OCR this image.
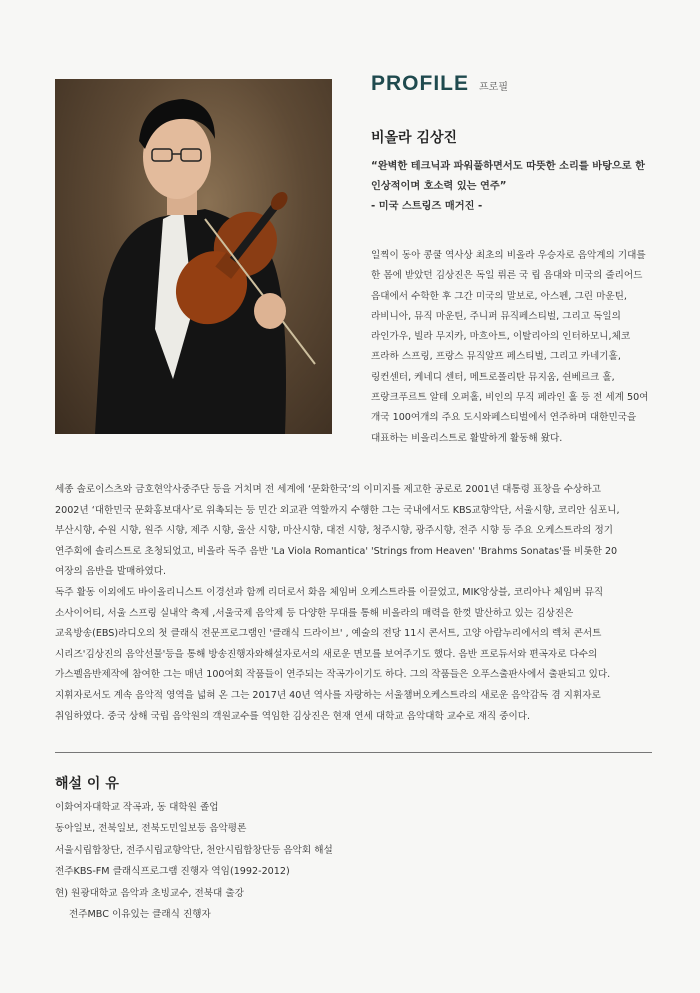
PROFILE 프로필
비올라 김상진
“완벽한 테크닉과 파워풀하면서도 따뜻한 소리를 바탕으로 한
인상적이며 호소력 있는 연주”
- 미국 스트링즈 매거진 -
일찍이 동아 콩쿨 역사상 최초의 비올라 우승자로 음악계의 기대를
한 몸에 받았던 김상진은 독일 뤼른 국 립 음대와 미국의 줄리어드
음대에서 수학한 후 그간 미국의 말보로, 아스펜, 그린 마운틴,
라비니아, 뮤직 마운틴, 주니퍼 뮤직페스티벌, 그리고 독일의
라인가우, 빌라 무지카, 마흐아트, 이탈리아의 인터하모니,체코
프라하 스프링, 프랑스 뮤직알프 페스티벌, 그리고 카네기홀,
링컨센터, 케네디 센터, 메트로폴리탄 뮤지움, 쉰베르크 홀,
프랑크푸르트 알테 오퍼홀, 비인의 무직 페라인 홀 등 전 세계 50여
개국 100여개의 주요 도시와페스티벌에서 연주하며 대한민국을
대표하는 비올리스트로 활발하게 활동해 왔다.
세종 솔로이스츠와 금호현악사중주단 등을 거치며 전 세계에 ‘문화한국’의 이미지를 제고한 공로로 2001년 대통령 표창을 수상하고
2002년 ‘대한민국 문화홍보대사’로 위촉되는 등 민간 외교관 역할까지 수행한 그는 국내에서도 KBS교향악단, 서울시향, 코리안 심포니,
부산시향, 수원 시향, 원주 시향, 제주 시향, 울산 시향, 마산시향, 대전 시향, 청주시향, 광주시향, 전주 시향 등 주요 오케스트라의 정기
연주회에 솔리스트로 초청되었고, 비올라 독주 음반 'La Viola Romantica' 'Strings from Heaven' 'Brahms Sonatas'를 비롯한 20
여장의 음반을 발매하였다.
독주 활동 이외에도 바이올리니스트 이경선과 함께 리더로서 화음 체임버 오케스트라를 이끌었고, MIK앙상블, 코리아나 체임버 뮤직
소사이어티, 서울 스프링 실내악 축제 ,서울국제 음악제 등 다양한 무대를 통해 비올라의 매력을 한껏 발산하고 있는 김상진은
교육방송(EBS)라디오의 첫 클래식 전문프로그램인 '클래식 드라이브' , 예술의 전당 11시 콘서트, 고양 아람누리에서의 렉처 콘서트
시리즈'김상진의 음악선물'등을 통해 방송진행자와해설자로서의 새로운 면모를 보여주기도 했다. 음반 프로듀서와 편곡자로 다수의
가스펠음반제작에 참여한 그는 매년 100여회 작품들이 연주되는 작곡가이기도 하다. 그의 작품들은 오푸스출판사에서 출판되고 있다.
지휘자로서도 계속 음악적 영역을 넓혀 온 그는 2017년 40년 역사를 자랑하는 서울챔버오케스트라의 새로운 음악감독 겸 지휘자로
취임하였다. 중국 상해 국립 음악원의 객원교수를 역임한 김상진은 현재 연세 대학교 음악대학 교수로 재직 중이다.
해설 이 유
이화여자대학교 작곡과, 동 대학원 졸업
동아일보, 전북일보, 전북도민일보등 음악평론
서울시립합창단, 전주시립교향악단, 천안시립합창단등 음악회 해설
전주KBS-FM 클래식프로그램 진행자 역임(1992-2012)
현) 원광대학교 음악과 초빙교수, 전북대 출강
전주MBC 이유있는 클래식 진행자
